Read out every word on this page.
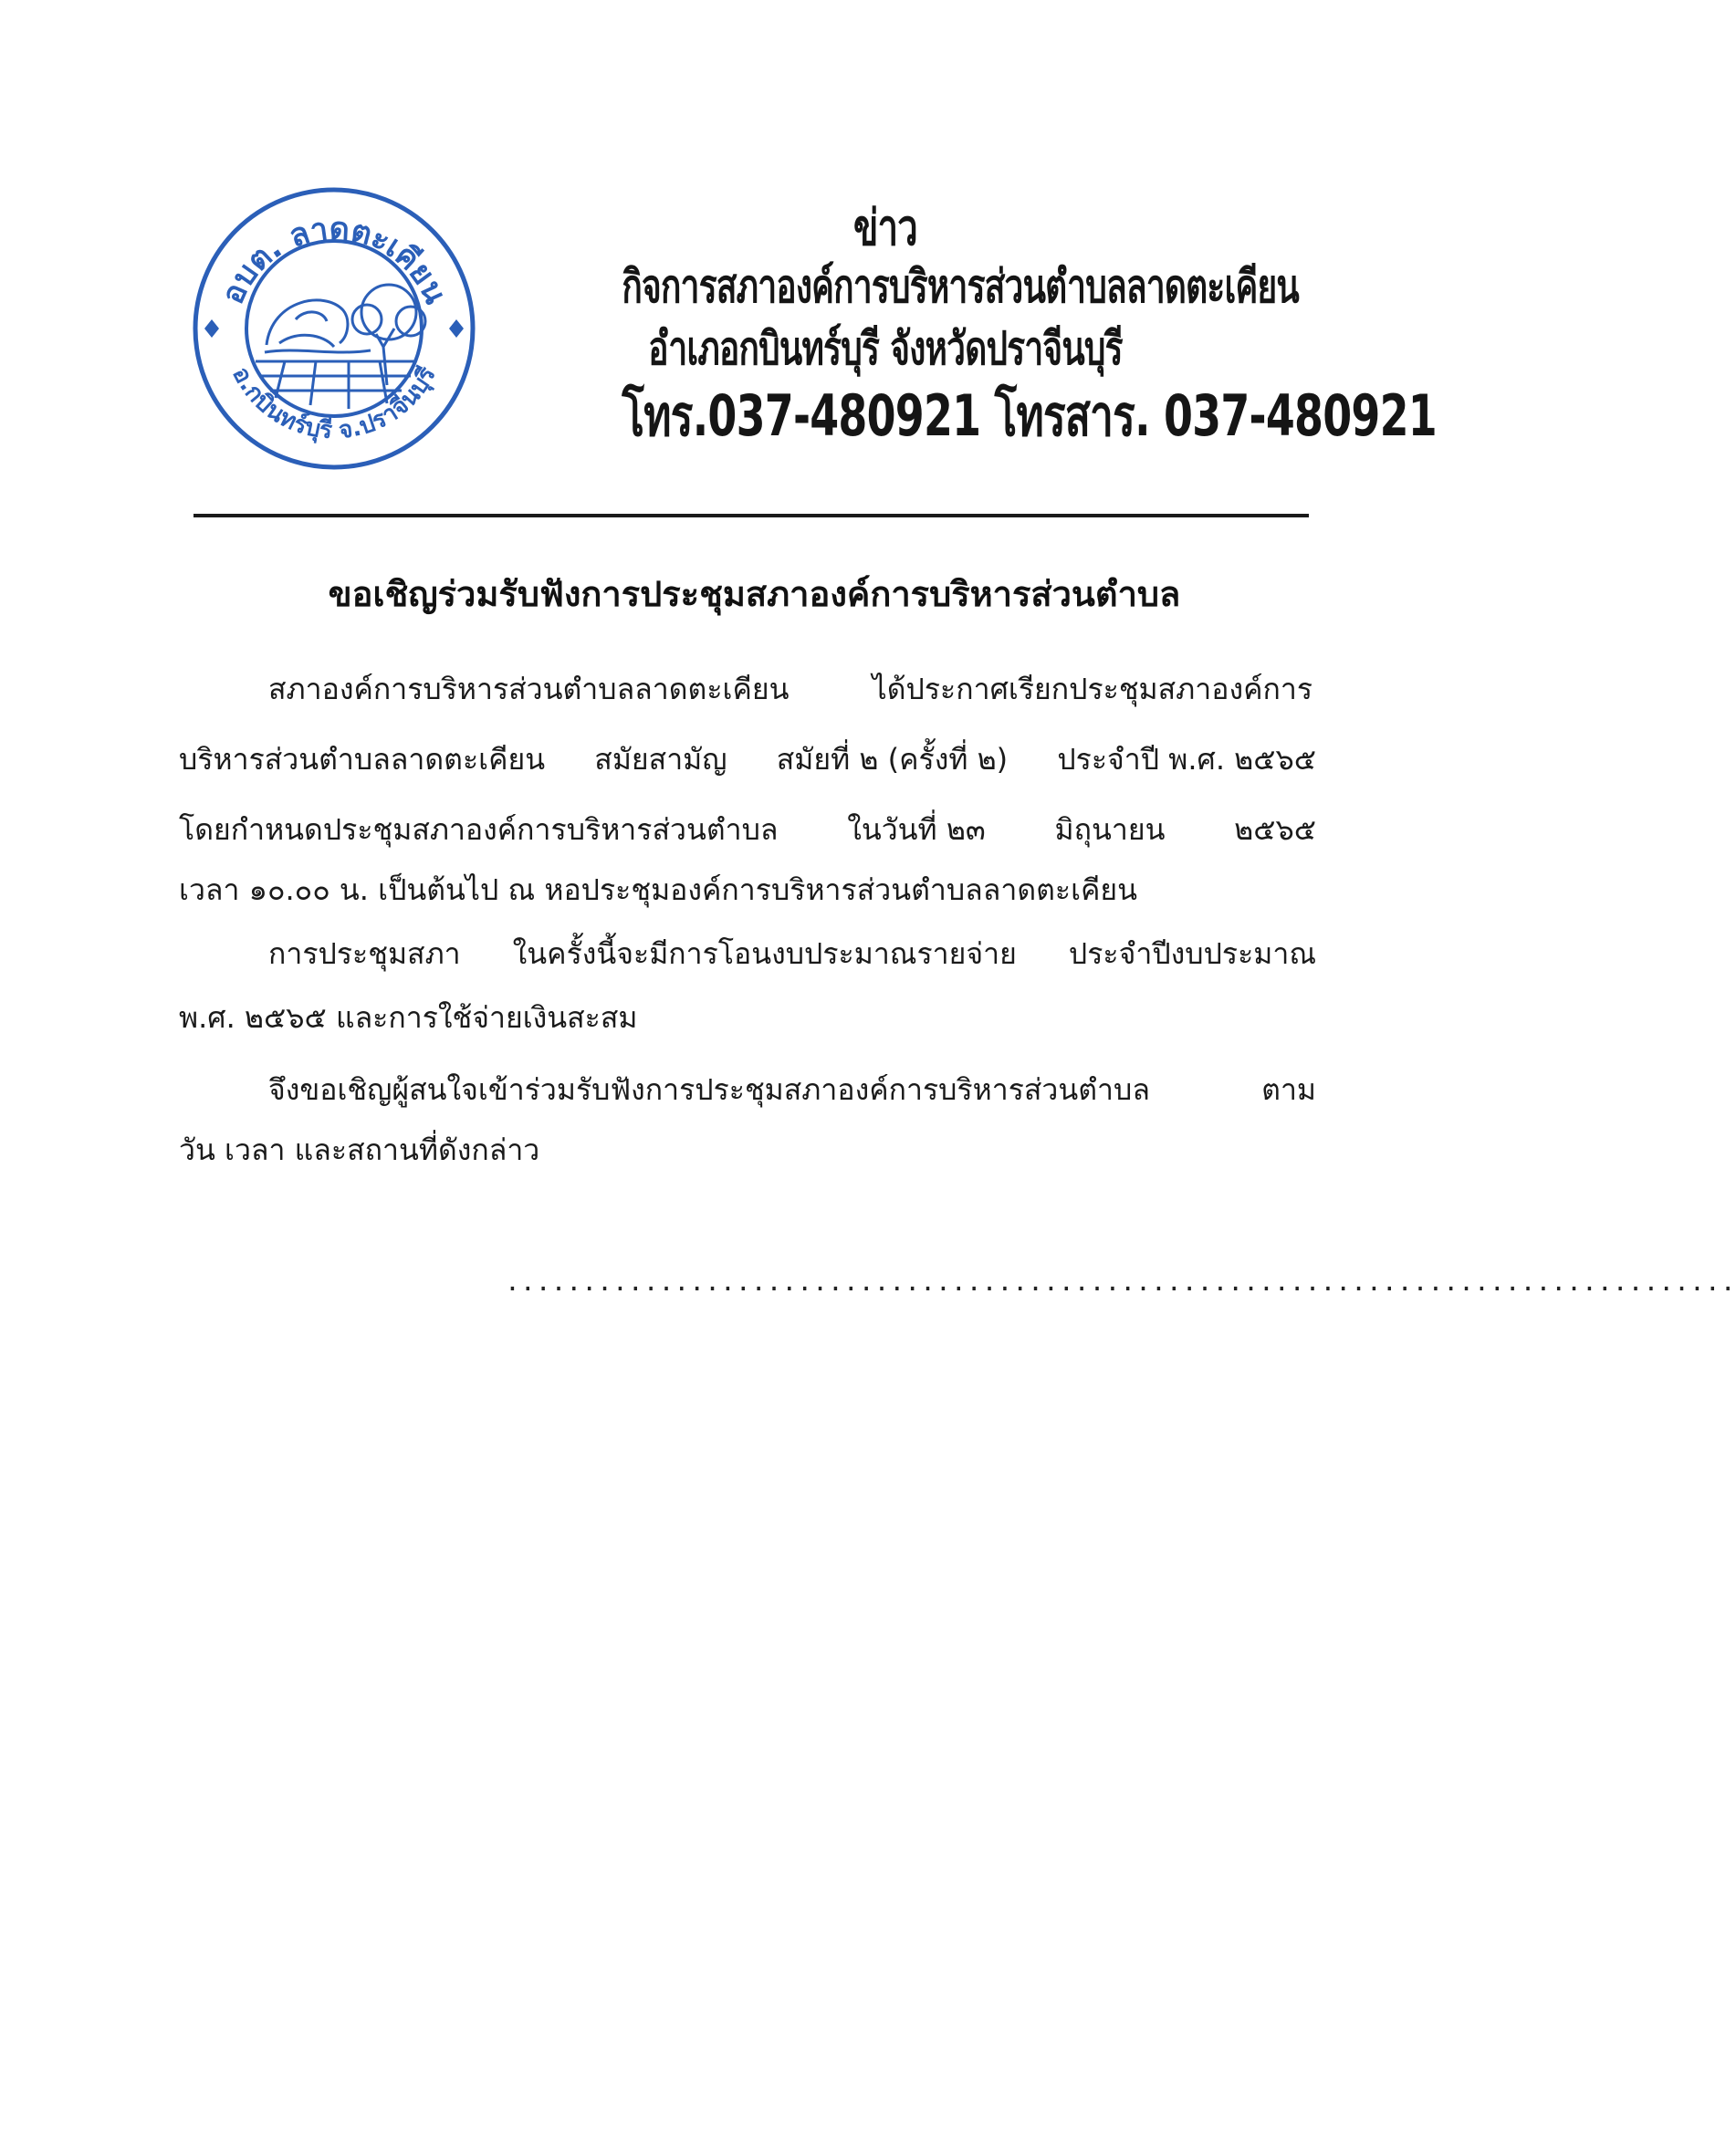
อบต. ลาดตะเคียน
อ.กบินทร์บุรี จ.ปราจีนบุรี
ข่าว
กิจการสภาองค์การบริหารส่วนตำบลลาดตะเคียน
อำเภอกบินทร์บุรี จังหวัดปราจีนบุรี
โทร.037-480921 โทรสาร. 037-480921
ขอเชิญร่วมรับฟังการประชุมสภาองค์การบริหารส่วนตำบล
สภาองค์การบริหารส่วนตำบลลาดตะเคียน	ได้ประกาศเรียกประชุมสภาองค์การ
บริหารส่วนตำบลลาดตะเคียน สมัยสามัญ สมัยที่ ๒ (ครั้งที่ ๒) ประจำปี พ.ศ. ๒๕๖๕
โดยกำหนดประชุมสภาองค์การบริหารส่วนตำบล ในวันที่ ๒๓ มิถุนายน ๒๕๖๕
เวลา ๑๐.๐๐ น. เป็นต้นไป ณ หอประชุมองค์การบริหารส่วนตำบลลาดตะเคียน
การประชุมสภา ในครั้งนี้จะมีการโอนงบประมาณรายจ่าย ประจำปีงบประมาณ
พ.ศ. ๒๕๖๕ และการใช้จ่ายเงินสะสม
จึงขอเชิญผู้สนใจเข้าร่วมรับฟังการประชุมสภาองค์การบริหารส่วนตำบล	ตาม
วัน เวลา และสถานที่ดังกล่าว
................................................................................
